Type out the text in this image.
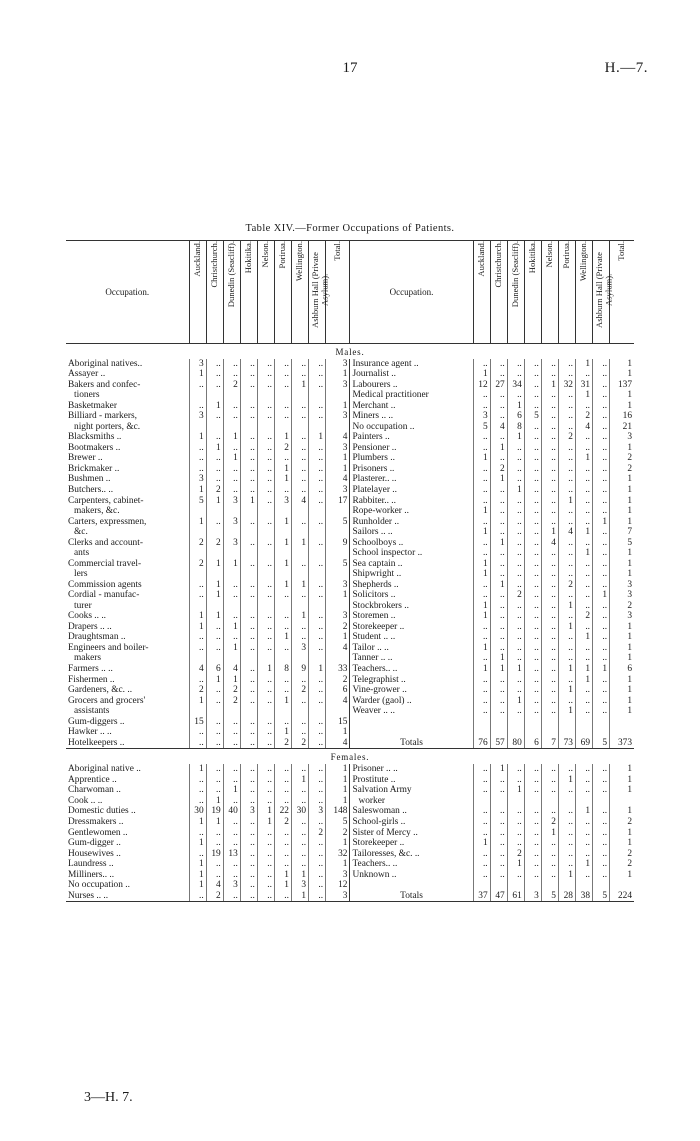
17	H.—7.
Table XIV.—Former Occupations of Patients.
Occupation.	Auckland.	Christchurch.	Dunedin (Seacliff).	Hokitika.	Nelson.	Porirua.	Wellington.	Ashburn Hall (Private Asylum).	Total.	Occupation.	Auckland.	Christchurch.	Dunedin (Seacliff).	Hokitika.	Nelson.	Porirua.	Wellington.	Ashburn Hall (Private Asylum).	Total.
Males.																			
Aboriginal natives..	3	..	..	..	..	..	..	..	3	Insurance agent ..	..	..	..	..	..	..	1	..	1
Assayer ..	1	..	..	..	..	..	..	..	1	Journalist ..	1	..	..	..	..	..	..	..	1
Bakers and confec-	..	..	2	..	..	..	1	..	3	Labourers ..	12	27	34	..	1	32	31	..	137
tioners										Medical practitioner	..	..	..	..	..	..	1	..	1
Basketmaker	..	1	..	..	..	..	..	..	1	Merchant ..	..	..	1	..	..	..	..	..	1
Billiard - markers,	3	..	..	..	..	..	..	..	3	Miners .. ..	3	..	6	5	..	..	2	..	16
night porters, &c.										No occupation ..	5	4	8	..	..	..	4	..	21
Blacksmiths ..	1	..	1	..	..	1	..	1	4	Painters ..	..	..	1	..	..	2	..	..	3
Bootmakers ..	..	1	..	..	..	2	..	..	3	Pensioner ..	..	1	..	..	..	..	..	..	1
Brewer ..	..	..	1	..	..	..	..	..	1	Plumbers ..	1	..	..	..	..	..	1	..	2
Brickmaker ..	..	..	..	..	..	1	..	..	1	Prisoners ..	..	2	..	..	..	..	..	..	2
Bushmen ..	3	..	..	..	..	1	..	..	4	Plasterer.. ..	..	1	..	..	..	..	..	..	1
Butchers.. ..	1	2	..	..	..	..	..	..	3	Platelayer ..	..	..	1	..	..	..	..	..	1
Carpenters, cabinet-	5	1	3	1	..	3	4	..	17	Rabbiter.. ..	..	..	..	..	..	1	..	..	1
makers, &c.										Rope-worker ..	1	..	..	..	..	..	..	..	1
Carters, expressmen,	1	..	3	..	..	1	..	..	5	Runholder ..	..	..	..	..	..	..	..	1	1
&c.										Sailors .. ..	1	..	..	..	1	4	1	..	7
Clerks and account-	2	2	3	..	..	1	1	..	9	Schoolboys ..	..	1	..	..	4	..	..	..	5
ants										School inspector ..	..	..	..	..	..	..	1	..	1
Commercial travel-	2	1	1	..	..	1	..	..	5	Sea captain ..	1	..	..	..	..	..	..	..	1
lers										Shipwright ..	1	..	..	..	..	..	..	..	1
Commission agents	..	1	..	..	..	1	1	..	3	Shepherds ..	..	1	..	..	..	2	..	..	3
Cordial - manufac-	..	1	..	..	..	..	..	..	1	Solicitors ..	..	..	2	..	..	..	..	1	3
turer										Stockbrokers ..	1	..	..	..	..	1	..	..	2
Cooks .. ..	1	1	..	..	..	..	1	..	3	Storemen ..	1	..	..	..	..	..	2	..	3
Drapers .. ..	1	..	1	..	..	..	..	..	2	Storekeeper ..	..	..	..	..	..	1	..	..	1
Draughtsman ..	..	..	..	..	..	1	..	..	1	Student .. ..	..	..	..	..	..	..	1	..	1
Engineers and boiler-	..	..	1	..	..	..	3	..	4	Tailor .. ..	1	..	..	..	..	..	..	..	1
makers										Tanner .. ..	..	1	..	..	..	..	..	..	1
Farmers .. ..	4	6	4	..	1	8	9	1	33	Teachers.. ..	1	1	1	..	..	1	1	1	6
Fishermen ..	..	1	1	..	..	..	..	..	2	Telegraphist ..	..	..	..	..	..	..	1	..	1
Gardeners, &c. ..	2	..	2	..	..	..	2	..	6	Vine-grower ..	..	..	..	..	..	1	..	..	1
Grocers and grocers'	1	..	2	..	..	1	..	..	4	Warder (gaol) ..	..	..	1	..	..	..	..	..	1
assistants										Weaver .. ..	..	..	..	..	..	1	..	..	1
Gum-diggers ..	15	..	..	..	..	..	..	..	15										
Hawker .. ..	..	..	..	..	..	1	..	..	1										
Hotelkeepers ..	..	..	..	..	..	2	2	..	4	Totals	76	57	80	6	7	73	69	5	373
Females.																			
Aboriginal native ..	1	..	..	..	..	..	..	..	1	Prisoner .. ..	..	1	..	..	..	..	..	..	1
Apprentice ..	..	..	..	..	..	..	1	..	1	Prostitute ..	..	..	..	..	..	1	..	..	1
Charwoman ..	..	..	1	..	..	..	..	..	1	Salvation Army	..	..	1	..	..	..	..	..	1
Cook .. ..	..	1	..	..	..	..	..	..	1	worker									
Domestic duties ..	30	19	40	3	1	22	30	3	148	Saleswoman ..	..	..	..	..	..	..	1	..	1
Dressmakers ..	1	1	..	..	1	2	..	..	5	School-girls ..	..	..	..	..	2	..	..	..	2
Gentlewomen ..	..	..	..	..	..	..	..	2	2	Sister of Mercy ..	..	..	..	..	1	..	..	..	1
Gum-digger ..	1	..	..	..	..	..	..	..	1	Storekeeper ..	1	..	..	..	..	..	..	..	1
Housewives ..	..	19	13	..	..	..	..	..	32	Tailoresses, &c. ..	..	..	2	..	..	..	..	..	2
Laundress ..	1	..	..	..	..	..	..	..	1	Teachers.. ..	..	..	1	..	..	..	1	..	2
Milliners.. ..	1	..	..	..	..	1	1	..	3	Unknown ..	..	..	..	..	..	1	..	..	1
No occupation ..	1	4	3	..	..	1	3	..	12										
Nurses .. ..	..	2	..	..	..	..	1	..	3	Totals	37	47	61	3	5	28	38	5	224
3—H. 7.
